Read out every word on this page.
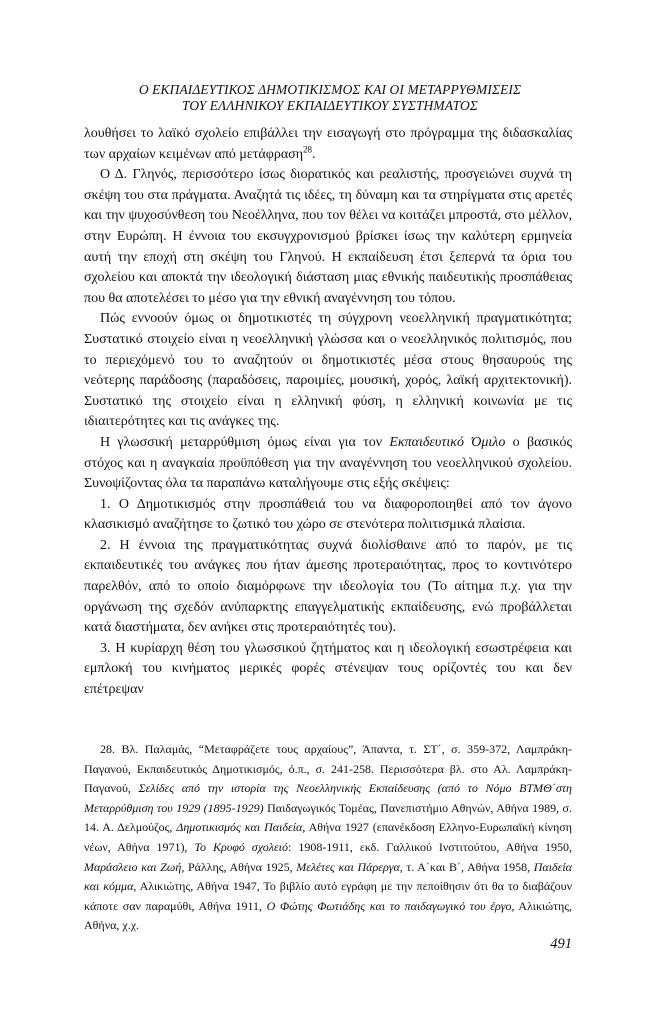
Ο ΕΚΠΑΙΔΕΥΤΙΚΟΣ ΔΗΜΟΤΙΚΙΣΜΟΣ ΚΑΙ ΟΙ ΜΕΤΑΡΡΥΘΜΙΣΕΙΣ
ΤΟΥ ΕΛΛΗΝΙΚΟΥ ΕΚΠΑΙΔΕΥΤΙΚΟΥ ΣΥΣΤΗΜΑΤΟΣ

λουθήσει το λαϊκό σχολείο επιβάλλει την εισαγωγή στο πρόγραμμα της διδασκαλίας των αρχαίων κειμένων από μετάφραση$^{28}$.

Ο Δ. Γληνός, περισσότερο ίσως διορατικός και ρεαλιστής, προσγειώνει συχνά τη σκέψη του στα πράγματα. Αναζητά τις ιδέες, τη δύναμη και τα στηρίγματα στις αρετές και την ψυχοσύνθεση του Νεοέλληνα, που τον θέλει να κοιτάζει μπροστά, στο μέλλον, στην Ευρώπη. Η έννοια του εκσυγχρονισμού βρίσκει ίσως την καλύτερη ερμηνεία αυτή την εποχή στη σκέψη του Γληνού. Η εκπαίδευση έτσι ξεπερνά τα όρια του σχολείου και αποκτά την ιδεολογική διάσταση μιας εθνικής παιδευτικής προσπάθειας που θα αποτελέσει το μέσο για την εθνική αναγέννηση του τόπου.

Πώς εννοούν όμως οι δημοτικιστές τη σύγχρονη νεοελληνική πραγματικότητα; Συστατικό στοιχείο είναι η νεοελληνική γλώσσα και ο νεοελληνικός πολιτισμός, που το περιεχόμενό του το αναζητούν οι δημοτικιστές μέσα στους θησαυρούς της νεότερης παράδοσης (παραδόσεις, παροιμίες, μουσική, χορός, λαϊκή αρχιτεκτονική). Συστατικό της στοιχείο είναι η ελληνική φύση, η ελληνική κοινωνία με τις ιδιαιτερότητες και τις ανάγκες της.

Η γλωσσική μεταρρύθμιση όμως είναι για τον Εκπαιδευτικό Όμιλο ο βασικός στόχος και η αναγκαία προϋπόθεση για την αναγέννηση του νεοελληνικού σχολείου. Συνοψίζοντας όλα τα παραπάνω καταλήγουμε στις εξής σκέψεις:

1. Ο Δημοτικισμός στην προσπάθειά του να διαφοροποιηθεί από τον άγονο κλασικισμό αναζήτησε το ζωτικό του χώρο σε στενότερα πολιτισμικά πλαίσια.

2. Η έννοια της πραγματικότητας συχνά διολίσθαινε από το παρόν, με τις εκπαιδευτικές του ανάγκες που ήταν άμεσης προτεραιότητας, προς το κοντινότερο παρελθόν, από το οποίο διαμόρφωνε την ιδεολογία του (Το αίτημα π.χ. για την οργάνωση της σχεδόν ανύπαρκτης επαγγελματικής εκπαίδευσης, ενώ προβάλλεται κατά διαστήματα, δεν ανήκει στις προτεραιότητές του).

3. Η κυρίαρχη θέση του γλωσσικού ζητήματος και η ιδεολογική εσωστρέφεια και εμπλοκή του κινήματος μερικές φορές στένεψαν τους ορίζοντές του και δεν επέτρεψαν

28. Βλ. Παλαμάς, “Μεταφράζετε τους αρχαίους”, Άπαντα, τ. ΣΤ΄, σ. 359-372, Λαμπράκη-Παγανού, Εκπαιδευτικός Δημοτικισμός, ό.π., σ. 241-258. Περισσότερα βλ. στο Αλ. Λαμπράκη-Παγανού, Σελίδες από την ιστορία της Νεοελληνικής Εκπαίδευσης (από το Νόμο ΒΤΜΘ΄στη Μεταρρύθμιση του 1929 (1895-1929) Παιδαγωγικός Τομέας, Πανεπιστήμιο Αθηνών, Αθήνα 1989, σ. 14. Α. Δελμούζος, Δημοτικισμός και Παιδεία, Αθήνα 1927 (επανέκδοση Ελληνο-Ευρωπαϊκή κίνηση νέων, Αθήνα 1971), Το Κρυφό σχολειό: 1908-1911, εκδ. Γαλλικού Ινστιτούτου, Αθήνα 1950, Μαράσλειο και Ζωή, Ράλλης, Αθήνα 1925, Μελέτες και Πάρεργα, τ. Α΄και Β΄, Αθήνα 1958, Παιδεία και κόμμα, Αλικιώτης, Αθήνα 1947, Το βιβλίο αυτό εγράφη με την πεποίθησιν ότι θα το διαβάζουν κάποτε σαν παραμύθι, Αθήνα 1911, Ο Φώτης Φωτιάδης και το παιδαγωγικό του έργο, Αλικιώτης, Αθήνα, χ.χ.

491
